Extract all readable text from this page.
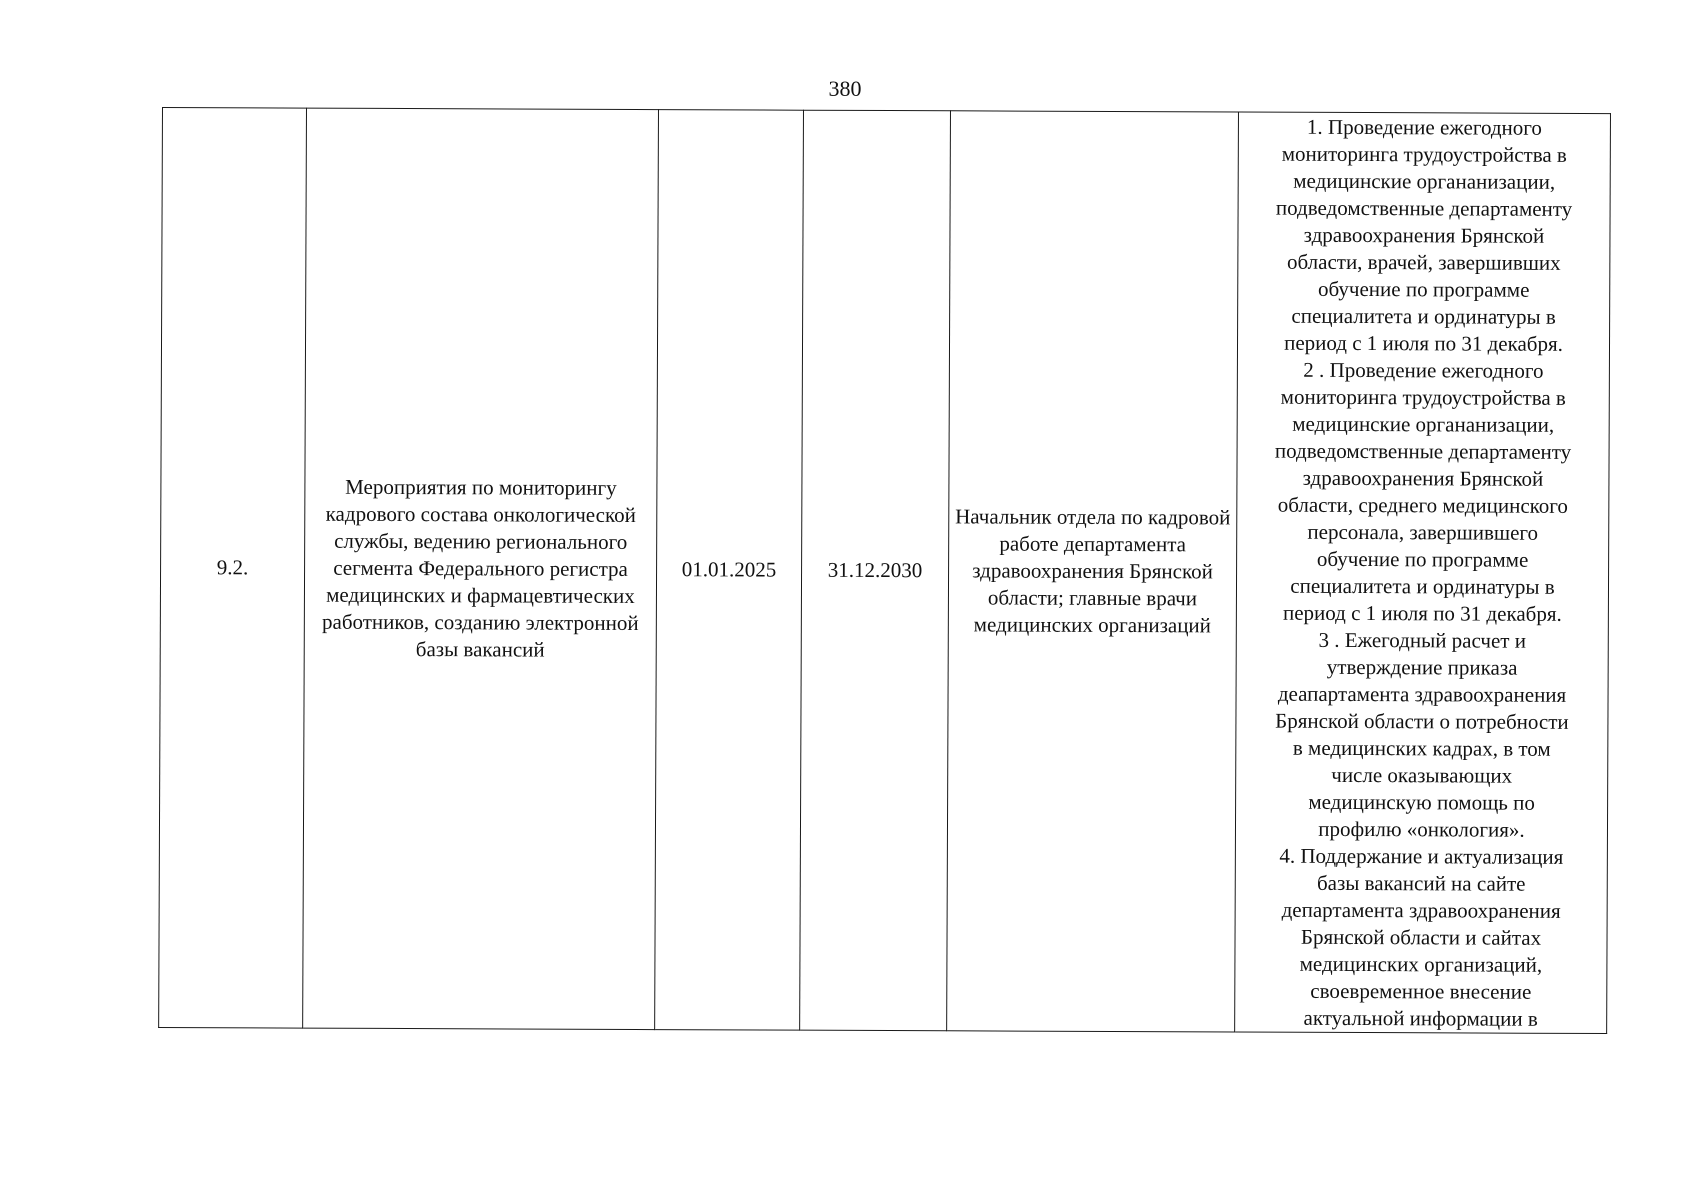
380
9.2.

Мероприятия по мониторингу кадрового состава онкологической службы, ведению регионального сегмента Федерального регистра медицинских и фармацевтических работников, созданию электронной базы вакансий

01.01.2025	31.12.2030

Начальник отдела по кадровой работе департамента здравоохранения Брянской области; главные врачи медицинских организаций

1. Проведение ежегодного
мониторинга трудоустройства в
медицинские органанизации,
подведомственные департаменту
здравоохранения Брянской
области, врачей, завершивших
обучение по программе
специалитета и ординатуры в
период с 1 июля по 31 декабря.
2 . Проведение ежегодного
мониторинга трудоустройства в
медицинские органанизации,
подведомственные департаменту
здравоохранения Брянской
области, среднего медицинского
персонала, завершившего
обучение по программе
специалитета и ординатуры в
период с 1 июля по 31 декабря.
3 . Ежегодный расчет и
утверждение приказа
деапартамента здравоохранения
Брянской области о потребности
в медицинских кадрах, в том
числе оказывающих
медицинскую помощь по
профилю «онкология».
4. Поддержание и актуализация
базы вакансий на сайте
департамента здравоохранения
Брянской области и сайтах
медицинских организаций,
своевременное внесение
актуальной информации в
